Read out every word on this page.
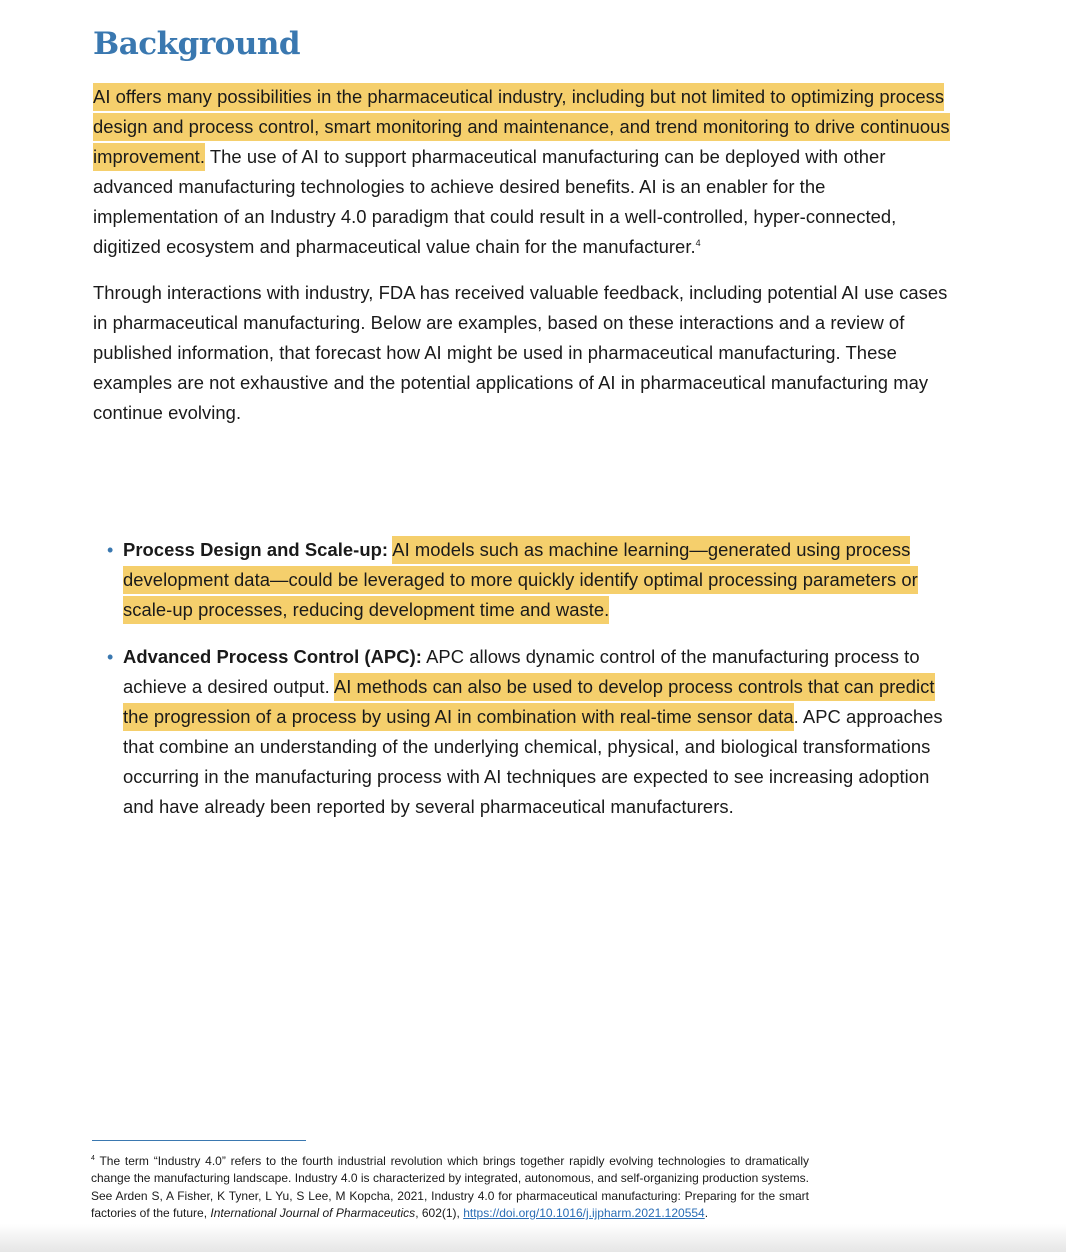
Background

AI offers many possibilities in the pharmaceutical industry, including but not limited to optimizing process design and process control, smart monitoring and maintenance, and trend monitoring to drive continuous improvement. The use of AI to support pharmaceutical manufacturing can be deployed with other advanced manufacturing technologies to achieve desired benefits. AI is an enabler for the implementation of an Industry 4.0 paradigm that could result in a well-controlled, hyper-connected, digitized ecosystem and pharmaceutical value chain for the manufacturer.$^4$

Through interactions with industry, FDA has received valuable feedback, including potential AI use cases in pharmaceutical manufacturing. Below are examples, based on these interactions and a review of published information, that forecast how AI might be used in pharmaceutical manufacturing. These examples are not exhaustive and the potential applications of AI in pharmaceutical manufacturing may continue evolving.

• Process Design and Scale-up: AI models such as machine learning—generated using process development data—could be leveraged to more quickly identify optimal processing parameters or scale-up processes, reducing development time and waste.
• Advanced Process Control (APC): APC allows dynamic control of the manufacturing process to achieve a desired output. AI methods can also be used to develop process controls that can predict the progression of a process by using AI in combination with real-time sensor data. APC approaches that combine an understanding of the underlying chemical, physical, and biological transformations occurring in the manufacturing process with AI techniques are expected to see increasing adoption and have already been reported by several pharmaceutical manufacturers.

$^4$ The term “Industry 4.0” refers to the fourth industrial revolution which brings together rapidly evolving technologies to dramatically change the manufacturing landscape. Industry 4.0 is characterized by integrated, autonomous, and self-organizing production systems. See Arden S, A Fisher, K Tyner, L Yu, S Lee, M Kopcha, 2021, Industry 4.0 for pharmaceutical manufacturing: Preparing for the smart factories of the future, International Journal of Pharmaceutics, 602(1), https://doi.org/10.1016/j.ijpharm.2021.120554.
